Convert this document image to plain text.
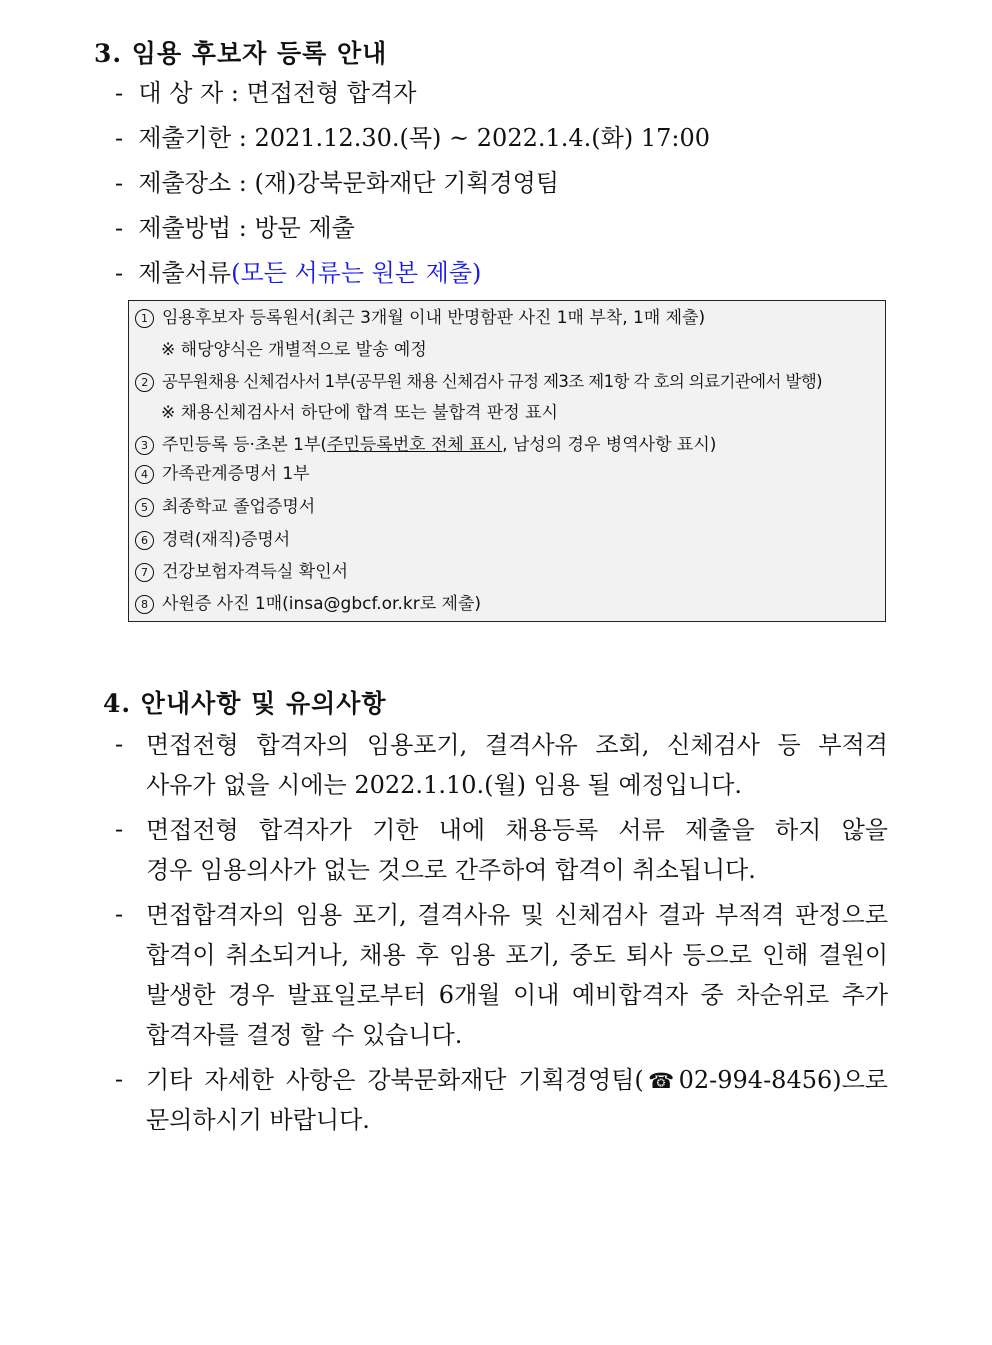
3. 임용 후보자 등록 안내
- 대 상 자 : 면접전형 합격자
- 제출기한 : 2021.12.30.(목) ~ 2022.1.4.(화) 17:00
- 제출장소 : (재)강북문화재단 기획경영팀
- 제출방법 : 방문 제출
- 제출서류(모든 서류는 원본 제출)
1 임용후보자 등록원서(최근 3개월 이내 반명함판 사진 1매 부착, 1매 제출)
※ 해당양식은 개별적으로 발송 예정
2 공무원채용 신체검사서 1부(공무원 채용 신체검사 규정 제3조 제1항 각 호의 의료기관에서 발행)
※ 채용신체검사서 하단에 합격 또는 불합격 판정 표시
3 주민등록 등·초본 1부(주민등록번호 전체 표시, 남성의 경우 병역사항 표시)
4 가족관계증명서 1부
5 최종학교 졸업증명서
6 경력(재직)증명서
7 건강보험자격득실 확인서
8 사원증 사진 1매(insa@gbcf.or.kr로 제출)
4. 안내사항 및 유의사항
- 면접전형 합격자의 임용포기, 결격사유 조회, 신체검사 등 부적격
사유가 없을 시에는 2022.1.10.(월) 임용 될 예정입니다.
- 면접전형 합격자가 기한 내에 채용등록 서류 제출을 하지 않을
경우 임용의사가 없는 것으로 간주하여 합격이 취소됩니다.
- 면접합격자의 임용 포기, 결격사유 및 신체검사 결과 부적격 판정으로
합격이 취소되거나, 채용 후 임용 포기, 중도 퇴사 등으로 인해 결원이
발생한 경우 발표일로부터 6개월 이내 예비합격자 중 차순위로 추가
합격자를 결정 할 수 있습니다.
- 기타 자세한 사항은 강북문화재단 기획경영팀(☎02-994-8456)으로
문의하시기 바랍니다.
